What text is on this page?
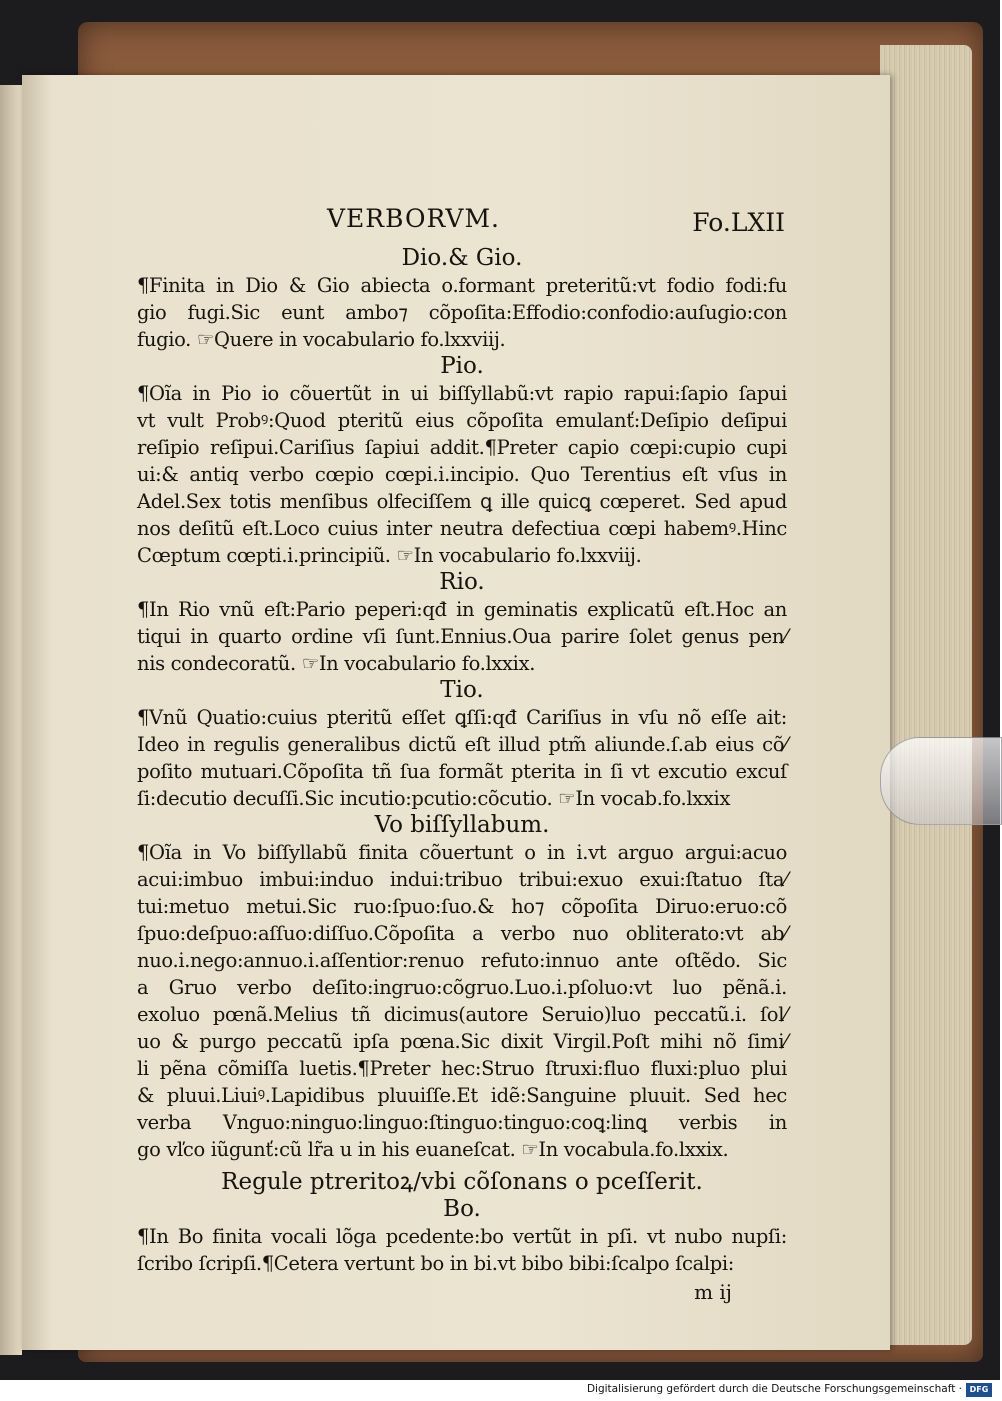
VERBORVM.	Fo.LXII
Dio.& Gio.
¶Finita in Dio & Gio abiecta o.formant preteritũ:vt fodio fodi:fu
gio fugi.Sic eunt ambo⁊ cõpoſita:Effodio:confodio:auſugio:con
fugio. ☞Quere in vocabulario fo.lxxviij.
Pio.
¶Oĩa in Pio io cõuertũt in ui biſſyllabũ:vt rapio rapui:ſapio ſapui
vt vult Probꝰ:Quod pteritũ eius cõpoſita emulanť:Deſipio deſipui
reſipio reſipui.Cariſius ſapiui addit.¶Preter capio cœpi:cupio cupi
ui:& antiq verbo cœpio cœpi.i.incipio. Quo Terentius eſt vſus in
Adel.Sex totis menſibus olfeciſſem ꝗ ille quicꝗ cœperet. Sed apud
nos deſitũ eſt.Loco cuius inter neutra defectiua cœpi habemꝰ.Hinc
Cœptum cœpti.i.principiũ. ☞In vocabulario fo.lxxviij.
Rio.
¶In Rio vnũ eſt:Pario peperi:qđ in geminatis explicatũ eſt.Hoc an
tiqui in quarto ordine vſi ſunt.Ennius.Oua parire ſolet genus pen⁄
nis condecoratũ. ☞In vocabulario fo.lxxix.
Tio.
¶Vnũ Quatio:cuius pteritũ eſſet ꝗſſi:qđ Cariſius in vſu nõ eſſe ait:
Ideo in regulis generalibus dictũ eſt illud ptm̃ aliunde.ſ.ab eius cõ⁄
poſito mutuari.Cõpoſita tñ ſua formãt pterita in ſi vt excutio excuſ
ſi:decutio decuſſi.Sic incutio:pcutio:cõcutio. ☞In vocab.fo.lxxix
Vo biſſyllabum.
¶Oĩa in Vo biſſyllabũ finita cõuertunt o in i.vt arguo argui:acuo
acui:imbuo imbui:induo indui:tribuo tribui:exuo exui:ſtatuo ſta⁄
tui:metuo metui.Sic ruo:ſpuo:ſuo.& ho⁊ cõpoſita Diruo:eruo:cõ
ſpuo:deſpuo:aſſuo:diſſuo.Cõpoſita a verbo nuo obliterato:vt ab⁄
nuo.i.nego:annuo.i.aſſentior:renuo refuto:innuo ante oſtẽdo. Sic
a Gruo verbo deſito:ingruo:cõgruo.Luo.i.pſoluo:vt luo pẽnã.i.
exoluo pœnã.Melius tñ dicimus(autore Seruio)luo peccatũ.i. ſol⁄
uo & purgo peccatũ ipſa pœna.Sic dixit Virgil.Poſt mihi nõ ſimi⁄
li pẽna cõmiſſa luetis.¶Preter hec:Struo ſtruxi:fluo fluxi:pluo plui
& pluui.Liuiꝰ.Lapidibus pluuiſſe.Et idẽ:Sanguine pluuit. Sed hec
verba Vnguo:ninguo:linguo:ſtinguo:tinguo:coꝗ:linꝗ verbis in
go vľco iũgunť:cũ lr̃a u in his euaneſcat. ☞In vocabula.fo.lxxix.
Regule ptreritoꝝ/vbi cõſonans o pceſſerit.
Bo.
¶In Bo finita vocali lõga pcedente:bo vertũt in pſi. vt nubo nupſi:
ſcribo ſcripſi.¶Cetera vertunt bo in bi.vt bibo bibi:ſcalpo ſcalpi:
m ij
Digitalisierung gefördert durch die Deutsche Forschungsgemeinschaft · DFG
